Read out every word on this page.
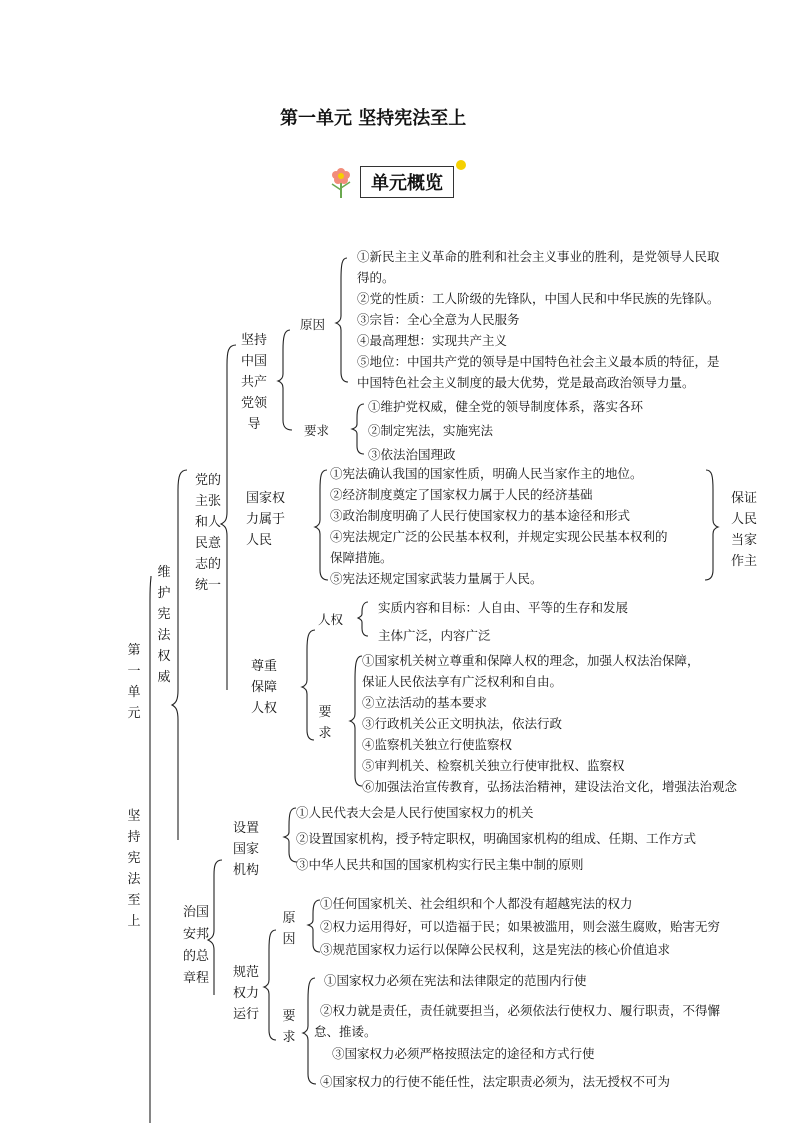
第一单元 坚持宪法至上
单元概览
第
一
单
元
坚
持
宪
法
至
上
维
护
宪
法
权
威
治国
安邦
的总
章程
党的
主张
和人
民意
志的
统一
设置
国家
机构
规范
权力
运行
坚持
中国
共产
党领
导
国家权
力属于
人民
尊重
保障
人权
原因
①新民主主义革命的胜利和社会主义事业的胜利，是党领导人民取
得的。
②党的性质：工人阶级的先锋队，中国人民和中华民族的先锋队。
③宗旨：全心全意为人民服务
④最高理想：实现共产主义
⑤地位：中国共产党的领导是中国特色社会主义最本质的特征，是
中国特色社会主义制度的最大优势，党是最高政治领导力量。
要求
①维护党权威，健全党的领导制度体系，落实各环
②制定宪法，实施宪法
③依法治国理政
①宪法确认我国的国家性质，明确人民当家作主的地位。
②经济制度奠定了国家权力属于人民的经济基础
③政治制度明确了人民行使国家权力的基本途径和形式
④宪法规定广泛的公民基本权利，并规定实现公民基本权利的
保障措施。
⑤宪法还规定国家武装力量属于人民。
保证
人民
当家
作主
人权
实质内容和目标：人自由、平等的生存和发展
主体广泛，内容广泛
要
求
①国家机关树立尊重和保障人权的理念，加强人权法治保障，
保证人民依法享有广泛权利和自由。
②立法活动的基本要求
③行政机关公正文明执法，依法行政
④监察机关独立行使监察权
⑤审判机关、检察机关独立行使审批权、监察权
⑥加强法治宣传教育，弘扬法治精神，建设法治文化，增强法治观念
①人民代表大会是人民行使国家权力的机关
②设置国家机构，授予特定职权，明确国家机构的组成、任期、工作方式
③中华人民共和国的国家机构实行民主集中制的原则
原
因
①任何国家机关、社会组织和个人都没有超越宪法的权力
②权力运用得好，可以造福于民；如果被滥用，则会滋生腐败，贻害无穷
③规范国家权力运行以保障公民权利，这是宪法的核心价值追求
要
求
①国家权力必须在宪法和法律限定的范围内行使
②权力就是责任，责任就要担当，必须依法行使权力、履行职责，不得懈
怠、推诿。
③国家权力必须严格按照法定的途径和方式行使
④国家权力的行使不能任性，法定职责必须为，法无授权不可为
